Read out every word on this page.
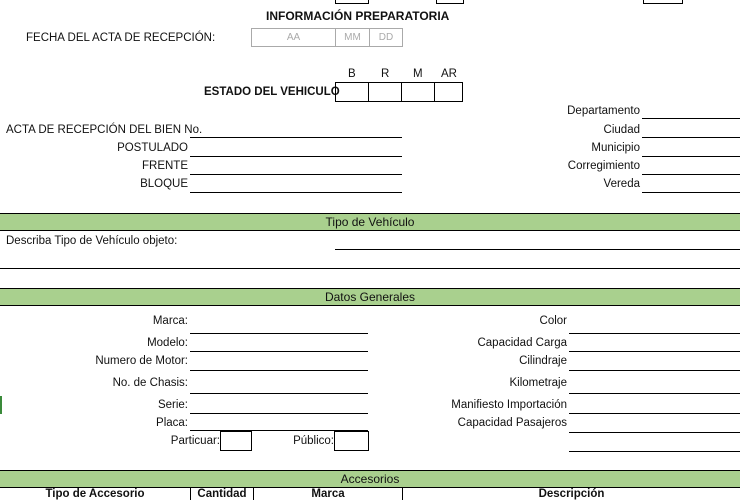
INFORMACIÓN PREPARATORIA
FECHA DEL ACTA DE RECEPCIÓN:	AA	MM	DD
B R M AR
ESTADO DEL VEHICULO
ACTA DE RECEPCIÓN DEL BIEN No.
POSTULADO
FRENTE
BLOQUE
Departamento
Ciudad
Municipio
Corregimiento
Vereda
Tipo de Vehículo
Describa Tipo de Vehículo objeto:
Datos Generales
Marca:
Modelo:
Numero de Motor:
No. de Chasis:
Serie:
Placa:
Particuar:	Público:
Color
Capacidad Carga
Cilindraje
Kilometraje
Manifiesto Importación
Capacidad Pasajeros
Accesorios
Tipo de Accesorio	Cantidad	Marca	Descripción
